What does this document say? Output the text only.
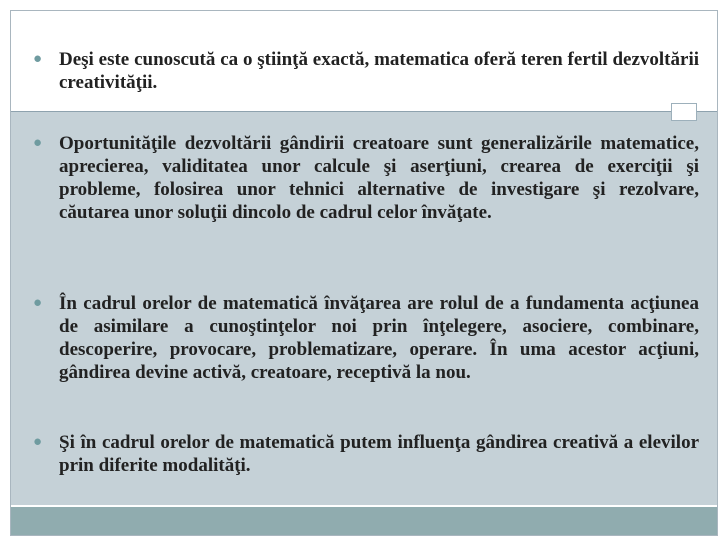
● Deşi este cunoscută ca o ştiinţă exactă, matematica oferă teren fertil dezvoltării creativităţii.
● Oportunităţile dezvoltării gândirii creatoare sunt generalizările matematice, aprecierea, validitatea unor calcule şi aserţiuni, crearea de exerciţii şi probleme, folosirea unor tehnici alternative de investigare şi rezolvare, căutarea unor soluţii dincolo de cadrul celor învăţate.
● În cadrul orelor de matematică învăţarea are rolul de a fundamenta acţiunea de asimilare a cunoştinţelor noi prin înţelegere, asociere, combinare, descoperire, provocare, problematizare, operare. În uma acestor acţiuni, gândirea devine activă, creatoare, receptivă la nou.
● Şi în cadrul orelor de matematică putem influenţa gândirea creativă a elevilor prin diferite modalităţi.
